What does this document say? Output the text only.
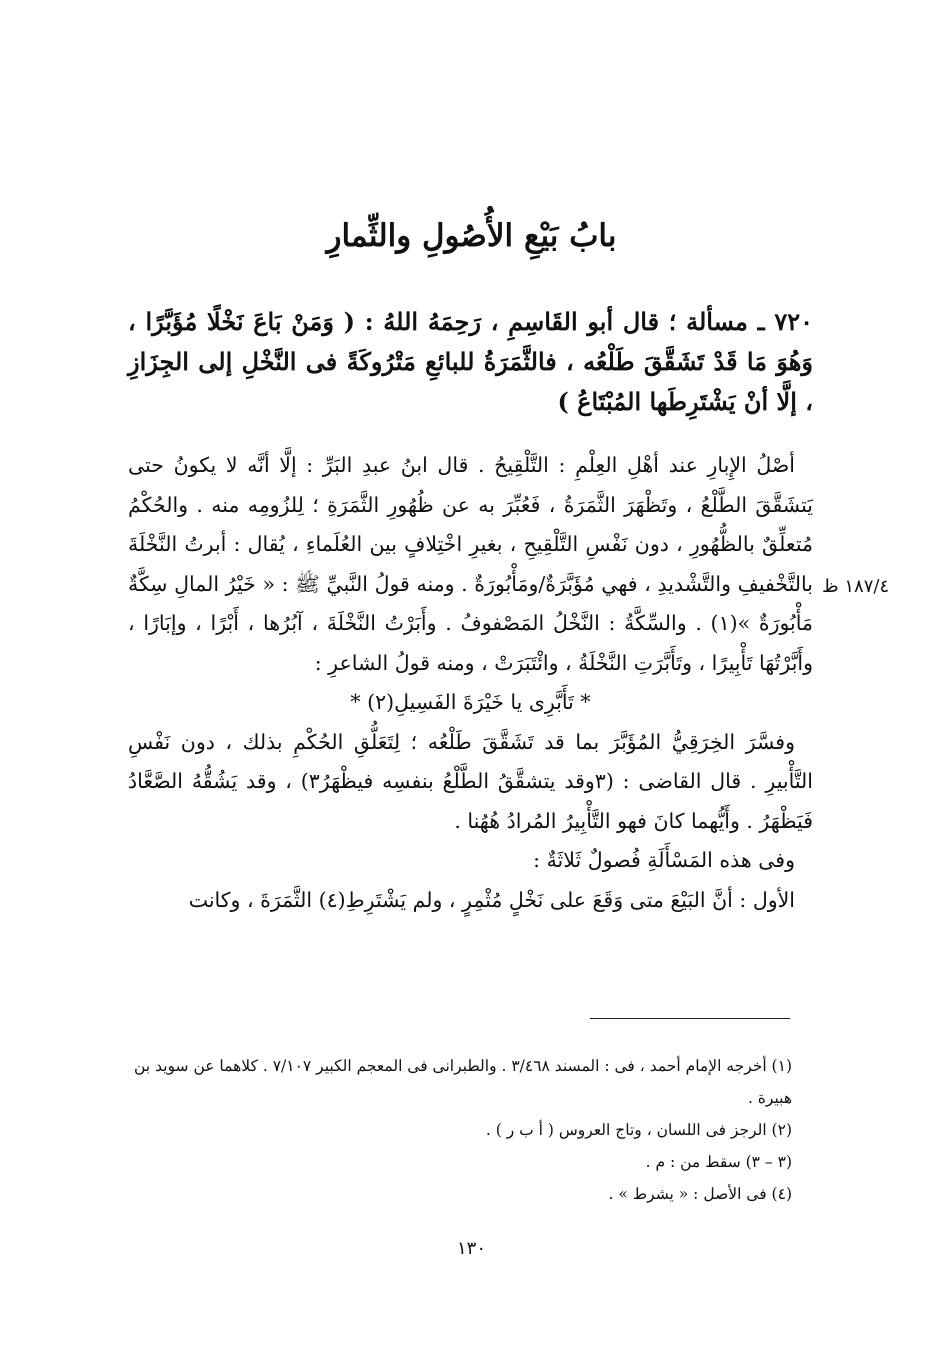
بابُ بَيْعِ الأُصُولِ والثِّمارِ
٧٢٠ ـ مسألة ؛ قال أبو القَاسِمِ ، رَحِمَهُ اللهُ : ( وَمَنْ بَاعَ نَخْلًا مُؤَبَّرًا ، وَهُوَ مَا قَدْ تَشَقَّقَ طَلْعُه ، فالثَّمَرَةُ للبائعِ مَتْرُوكَةً فى النَّخْلِ إلى الجِزَازِ ، إلَّا أنْ يَشْتَرِطَها المُبْتَاعُ )
١٨٧/٤ ظ

أصْلُ الإِبارِ عند أهْلِ العِلْمِ : التَّلْقِيحُ . قال ابنُ عبدِ البَرِّ : إلَّا أنَّه لا يكونُ حتى يَتشَقَّقَ الطَّلْعُ ، وتَظْهَرَ الثَّمَرَةُ ، فَعُبِّرَ به عن ظُهُورِ الثَّمَرَةِ ؛ لِلزُومِه منه . والحُكْمُ مُتعلِّقٌ بالظُّهُورِ ، دون نَفْسِ التَّلْقِيحِ ، بغيرِ اخْتِلافٍ بين العُلَماءِ ، يُقال : أبرتُ النَّخْلَةَ بالتَّخْفيفِ والتَّشْديدِ ، فهي مُؤَبَّرَةٌ/ومَأْبُورَةٌ . ومنه قولُ النَّبيِّ ﷺ : « خَيْرُ المالِ سِكَّةٌ مَأْبُورَةٌ »(١) . والسِّكَّةُ : النَّخْلُ المَصْفوفُ . وأَبَرْتُ النَّخْلَةَ ، آبُرُها ، أَبْرًا ، وإبَارًا ، وأَبَّرْتُهَا تَأْبِيرًا ، وتَأَبَّرَتِ النَّخْلَةُ ، وائْتَبَرَتْ ، ومنه قولُ الشاعرِ :

* تَأَبَّرِى يا خَيْرَةَ الفَسِيلِ(٢) *

وفسَّرَ الخِرَقِيُّ المُؤَبَّرَ بما قد تَشَقَّقَ طَلْعُه ؛ لِتَعَلُّقِ الحُكْمِ بذلك ، دون نَفْسِ التَّأْبيرِ . قال القاضى : (٣وقد يتشقَّقُ الطَّلْعُ بنفسِه فيظْهَرُ٣) ، وقد يَشُقُّهُ الصَّعَّادُ فَيَظْهَرُ . وأَيُّهما كانَ فهو التَّأْبِيرُ المُرادُ هُهُنا .

وفى هذه المَسْأَلَةِ فُصولٌ ثَلاثَةٌ :

الأول : أنَّ البَيْعَ متى وَقَعَ على نَخْلٍ مُثْمِرٍ ، ولم يَشْتَرِطِ(٤) الثَّمَرَةَ ، وكانت

(١) أخرجه الإمام أحمد ، فى : المسند ٣/٤٦٨ . والطبرانى فى المعجم الكبير ٧/١٠٧ . كلاهما عن سويد بن هبيرة .
(٢) الرجز فى اللسان ، وتاج العروس ( أ ب ر ) .
(٣ – ٣) سقط من : م .
(٤) فى الأصل : « يشرط » .
١٣٠
